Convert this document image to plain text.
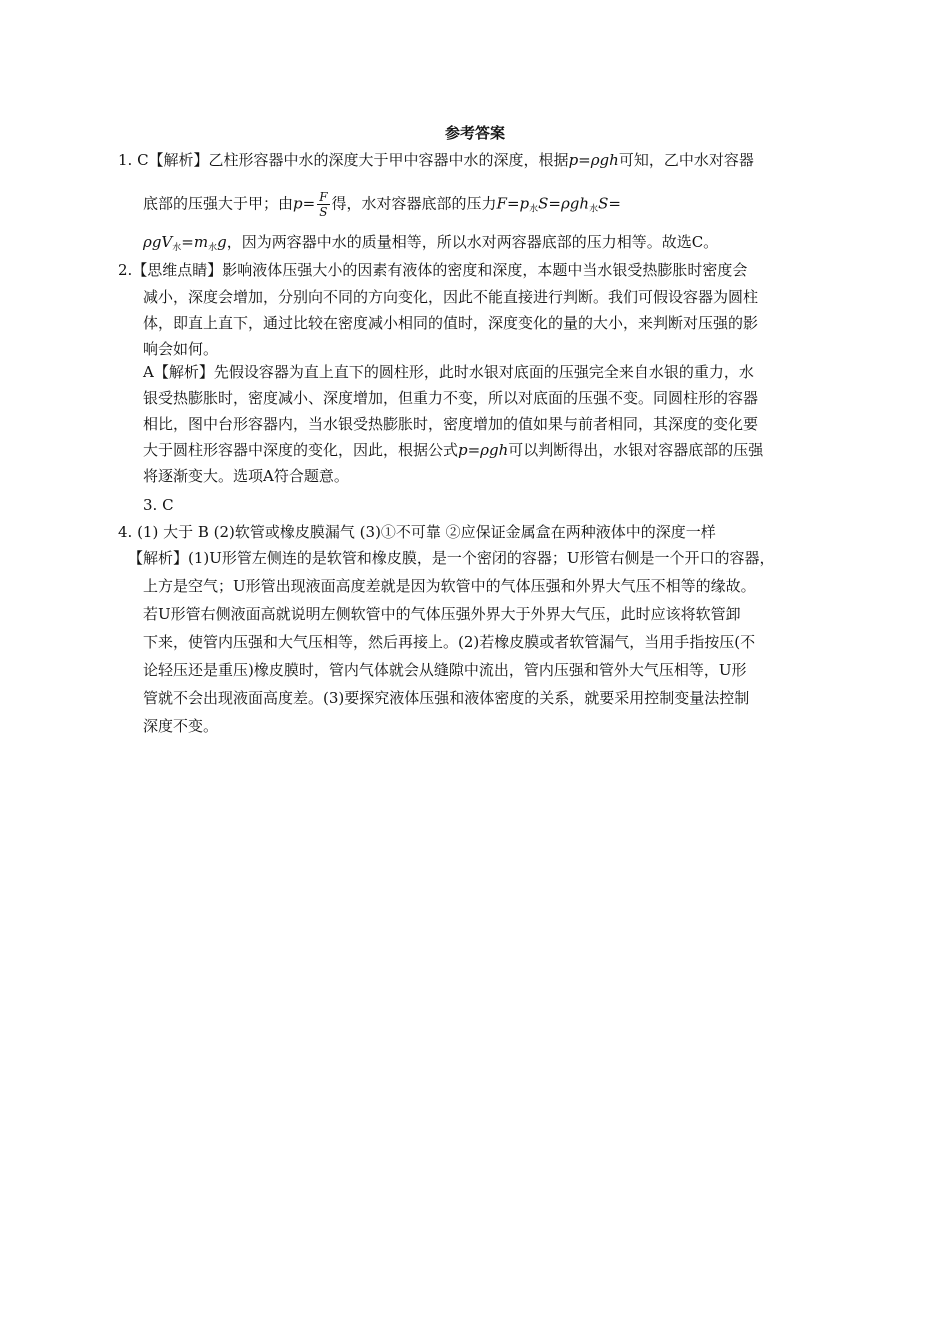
参考答案
1. C【解析】乙柱形容器中水的深度大于甲中容器中水的深度，根据p=ρgh可知，乙中水对容器
底部的压强大于甲；由$p= \frac{F}{S}$ 得，水对容器底部的压力$F=p_水S=\rho gh_水S=$
$\rho gV_水=m_水g$，因为两容器中水的质量相等，所以水对两容器底部的压力相等。故选C。
2.【思维点睛】影响液体压强大小的因素有液体的密度和深度，本题中当水银受热膨胀时密度会
减小，深度会增加，分别向不同的方向变化，因此不能直接进行判断。我们可假设容器为圆柱
体，即直上直下，通过比较在密度减小相同的值时，深度变化的量的大小，来判断对压强的影
响会如何。
A【解析】先假设容器为直上直下的圆柱形，此时水银对底面的压强完全来自水银的重力，水
银受热膨胀时，密度减小、深度增加，但重力不变，所以对底面的压强不变。同圆柱形的容器
相比，图中台形容器内，当水银受热膨胀时，密度增加的值如果与前者相同，其深度的变化要
大于圆柱形容器中深度的变化，因此，根据公式p=ρgh可以判断得出，水银对容器底部的压强
将逐渐变大。选项A符合题意。
3. C
4. (1) 大于 B (2)软管或橡皮膜漏气 (3)①不可靠 ②应保证金属盒在两种液体中的深度一样
【解析】(1)U形管左侧连的是软管和橡皮膜，是一个密闭的容器；U形管右侧是一个开口的容器，
上方是空气；U形管出现液面高度差就是因为软管中的气体压强和外界大气压不相等的缘故。
若U形管右侧液面高就说明左侧软管中的气体压强外界大于外界大气压，此时应该将软管卸
下来，使管内压强和大气压相等，然后再接上。(2)若橡皮膜或者软管漏气，当用手指按压(不
论轻压还是重压)橡皮膜时，管内气体就会从缝隙中流出，管内压强和管外大气压相等，U形
管就不会出现液面高度差。(3)要探究液体压强和液体密度的关系，就要采用控制变量法控制
深度不变。
